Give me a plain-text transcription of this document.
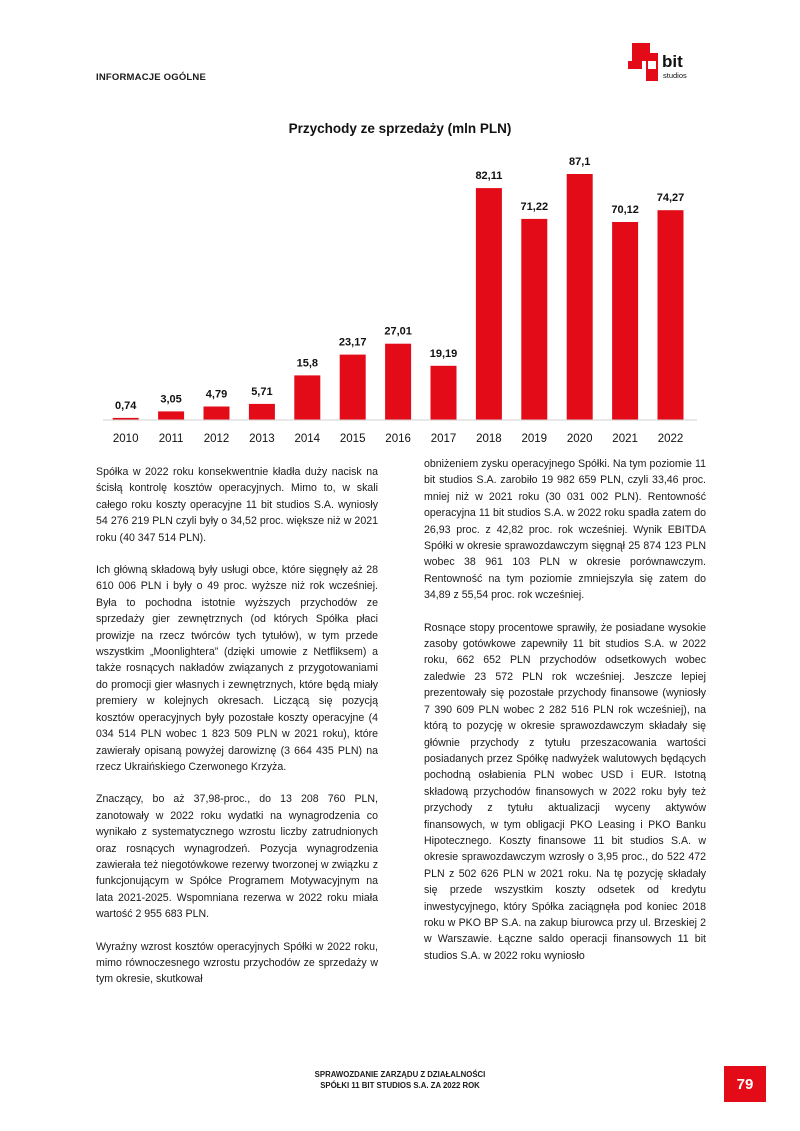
INFORMACJE OGÓLNE
bit
studios
Przychody ze sprzedaży (mln PLN)
0,74
2010
3,05
2011
4,79
2012
5,71
2013
15,8
2014
23,17
2015
27,01
2016
19,19
2017
82,11
2018
71,22
2019
87,1
2020
70,12
2021
74,27
2022

Spółka w 2022 roku konsekwentnie kładła duży nacisk na ścisłą kontrolę kosztów operacyjnych. Mimo to, w skali całego roku koszty operacyjne 11 bit studios S.A. wyniosły 54 276 219 PLN czyli były o 34,52 proc. większe niż w 2021 roku (40 347 514 PLN).

Ich główną składową były usługi obce, które sięgnęły aż 28 610 006 PLN i były o 49 proc. wyższe niż rok wcześniej. Była to pochodna istotnie wyższych przychodów ze sprzedaży gier zewnętrznych (od których Spółka płaci prowizje na rzecz twórców tych tytułów), w tym przede wszystkim „Moonlightera” (dzięki umowie z Netfliksem) a także rosnących nakładów związanych z przygotowaniami do promocji gier własnych i zewnętrznych, które będą miały premiery w kolejnych okresach. Liczącą się pozycją kosztów operacyjnych były pozostałe koszty operacyjne (4 034 514 PLN wobec 1 823 509 PLN w 2021 roku), które zawierały opisaną powyżej darowiznę (3 664 435 PLN) na rzecz Ukraińskiego Czerwonego Krzyża.

Znaczący, bo aż 37,98-proc., do 13 208 760 PLN, zanotowały w 2022 roku wydatki na wynagrodzenia co wynikało z systematycznego wzrostu liczby zatrudnionych oraz rosnących wynagrodzeń. Pozycja wynagrodzenia zawierała też niegotówkowe rezerwy tworzonej w związku z funkcjonującym w Spółce Programem Motywacyjnym na lata 2021-2025. Wspomniana rezerwa w 2022 roku miała wartość 2 955 683 PLN.

Wyraźny wzrost kosztów operacyjnych Spółki w 2022 roku, mimo równoczesnego wzrostu przychodów ze sprzedaży w tym okresie, skutkował

obniżeniem zysku operacyjnego Spółki. Na tym poziomie 11 bit studios S.A. zarobiło 19 982 659 PLN, czyli 33,46 proc. mniej niż w 2021 roku (30 031 002 PLN). Rentowność operacyjna 11 bit studios S.A. w 2022 roku spadła zatem do 26,93 proc. z 42,82 proc. rok wcześniej. Wynik EBITDA Spółki w okresie sprawozdawczym sięgnął 25 874 123 PLN wobec 38 961 103 PLN w okresie porównawczym. Rentowność na tym poziomie zmniejszyła się zatem do 34,89 z 55,54 proc. rok wcześniej.

Rosnące stopy procentowe sprawiły, że posiadane wysokie zasoby gotówkowe zapewniły 11 bit studios S.A. w 2022 roku, 662 652 PLN przychodów odsetkowych wobec zaledwie 23 572 PLN rok wcześniej. Jeszcze lepiej prezentowały się pozostałe przychody finansowe (wyniosły 7 390 609 PLN wobec 2 282 516 PLN rok wcześniej), na którą to pozycję w okresie sprawozdawczym składały się głównie przychody z tytułu przeszacowania wartości posiadanych przez Spółkę nadwyżek walutowych będących pochodną osłabienia PLN wobec USD i EUR. Istotną składową przychodów finansowych w 2022 roku były też przychody z tytułu aktualizacji wyceny aktywów finansowych, w tym obligacji PKO Leasing i PKO Banku Hipotecznego. Koszty finansowe 11 bit studios S.A. w okresie sprawozdawczym wzrosły o 3,95 proc., do 522 472 PLN z 502 626 PLN w 2021 roku. Na tę pozycję składały się przede wszystkim koszty odsetek od kredytu inwestycyjnego, który Spółka zaciągnęła pod koniec 2018 roku w PKO BP S.A. na zakup biurowca przy ul. Brzeskiej 2 w Warszawie. Łączne saldo operacji finansowych 11 bit studios S.A. w 2022 roku wyniosło

SPRAWOZDANIE ZARZĄDU Z DZIAŁALNOŚCI
SPÓŁKI 11 BIT STUDIOS S.A. ZA 2022 ROK	79
